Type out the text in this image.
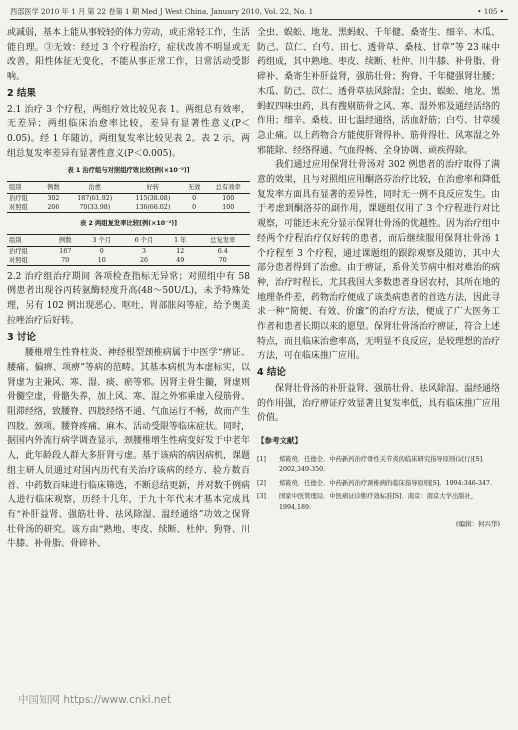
西部医学 2010 年 1 月 第 22 卷第 1 期 Med J West China, January 2010, Vol. 22, No. 1	• 105 •

或减弱，基本上能从事较轻的体力劳动，或正常轻工作，生活能自理。③无效：经过 3 个疗程治疗，症状改善不明显或无改善，阳性体征无变化，不能从事正常工作，日常活动受影响。

2 结果

2.1 治疗 3 个疗程，两组疗效比较见表 1。两组总有效率，无差异；两组临床治愈率比较，差异有显著性意义(P＜0.05)。经 1 年随访，两组复发率比较见表 2。表 2 示，两组总复发率差异有显著性意义(P＜0.005)。

表 1 治疗组与对照组疗效比较[例(×10⁻²)]
组别	例数	治愈	好转	无效	总有效率
治疗组	302	187(61.92)	115(38.08)	0	100
对照组	206	70(33.98)	136(66.02)	0	100
表 2 两组复发率比较[例(×10⁻²)]
组别	例数	3 个月	6 个月	1 年	总复发率
治疗组	187	0	3	12	6.4
对照组	70	10	26	49	70

2.2 治疗组治疗期间 各项检查指标无异常；对照组中有 58 例患者出现谷丙转氨酶轻度升高(48～50U/L)，未予特殊处理，另有 102 例出现恶心、呕吐、胃部胀闷等症，给予奥美拉唑治疗后好转。

3 讨论

腰椎增生性脊柱炎、神经根型颈椎病属于中医学“痹证、腰痛、偏痹、项痹”等病的范畴。其基本病机为本虚标实，以肾虚为主兼风、寒、湿、痰、瘀等邪。因肾主骨生髓，肾虚则骨髓空虚，骨骼失养，加上风、寒、湿之外邪乘虚入侵筋骨、阻滞经络，致腰脊、四肢经络不通、气血运行不畅，故而产生四肢、颈项、腰脊疼痛、麻木、活动受限等临床症状。同时，据国内外流行病学调查显示，颈腰椎增生性病变好发于中老年人，此年龄段人群大多肝肾亏虚。基于该病的病因病机，课题组主研人员通过对国内历代有关治疗该病的经方、验方数百首、中药数百味进行临床筛选，不断总结更新，并对数千例病人进行临床观察，历经十几年，于九十年代末才基本完成具有“补肝益肾、强筋壮骨、祛风除湿、温经通络”功效之保肾壮骨汤的研究。该方由“熟地、枣皮、续断、杜仲、狗脊、川牛膝、补骨脂、骨碎补、

全虫、蜈蚣、地龙、黑蚂蚁、千年健、桑寄生、细辛、木瓜、防己、苡仁、白芍、田七、透骨草、桑枝、甘草”等 23 味中药组成，其中熟地、枣皮、续断、杜仲、川牛膝、补骨脂、骨碎补、桑寄生补肝益肾，强筋壮骨；狗脊、千年健强肾壮腰；木瓜、防己、苡仁、透骨草祛风除湿；全虫、蜈蚣、地龙、黑蚂蚁四味虫药，具有搜剔筋骨之风、寒、湿外邪及通经活络的作用；细辛、桑枝、田七温经通络，活血舒筋；白芍、甘草缓急止痛。以上药物合方能使肝肾得补、筋骨得壮、风寒湿之外邪能除、经络得通、气血得畅、全身协调、顽疾得除。

我们通过应用保肾壮骨汤对 302 例患者的治疗取得了满意的效果，且与对照组应用酮洛芬治疗比较，在治愈率和降低复发率方面具有显著的差异性，同时无一例不良反应发生。由于考虑到酮洛芬的副作用，课题组仅用了 3 个疗程进行对比观察，可能还未充分显示保肾壮骨汤的优越性。因为治疗组中经两个疗程治疗仅好转的患者，而后继续服用保肾壮骨汤 1 个疗程至 3 个疗程，通过课题组的跟踪观察及随访，其中大部分患者得到了治愈。由于痹证，系骨关节病中相对难治的病种，治疗时程长，尤其我国大多数患者身居农村，其所在地的地理条件差，药物治疗便成了该类病患者的首选方法，因此寻求一种“简便、有效、价廉”的治疗方法，便成了广大医务工作者和患者长期以来的愿望。保肾壮骨汤治疗痹证，符合上述特点，而且临床治愈率高，无明显不良反应，是较理想的治疗方法，可在临床推广应用。

4 结论

保肾壮骨汤的补肝益肾、强筋壮骨、祛风除湿、温经通络的作用强，治疗痹证疗效显著且复发率低，具有临床推广应用价值。

【参考文献】
[1]	郑筱萸．任德全．中药新药治疗骨性关节炎的临床研究指导原则(试行)[S]．2002,349-350.
[2]	郑筱萸．任德全．中药新药治疗颈椎病的临床指导原则[S]．1994:346-347.
[3]	国家中医管理局．中医病证诊断疗效标准[S]．南京：南京大学出版社，1994,189.
(编辑：何兴华)
中国知网 https://www.cnki.net
